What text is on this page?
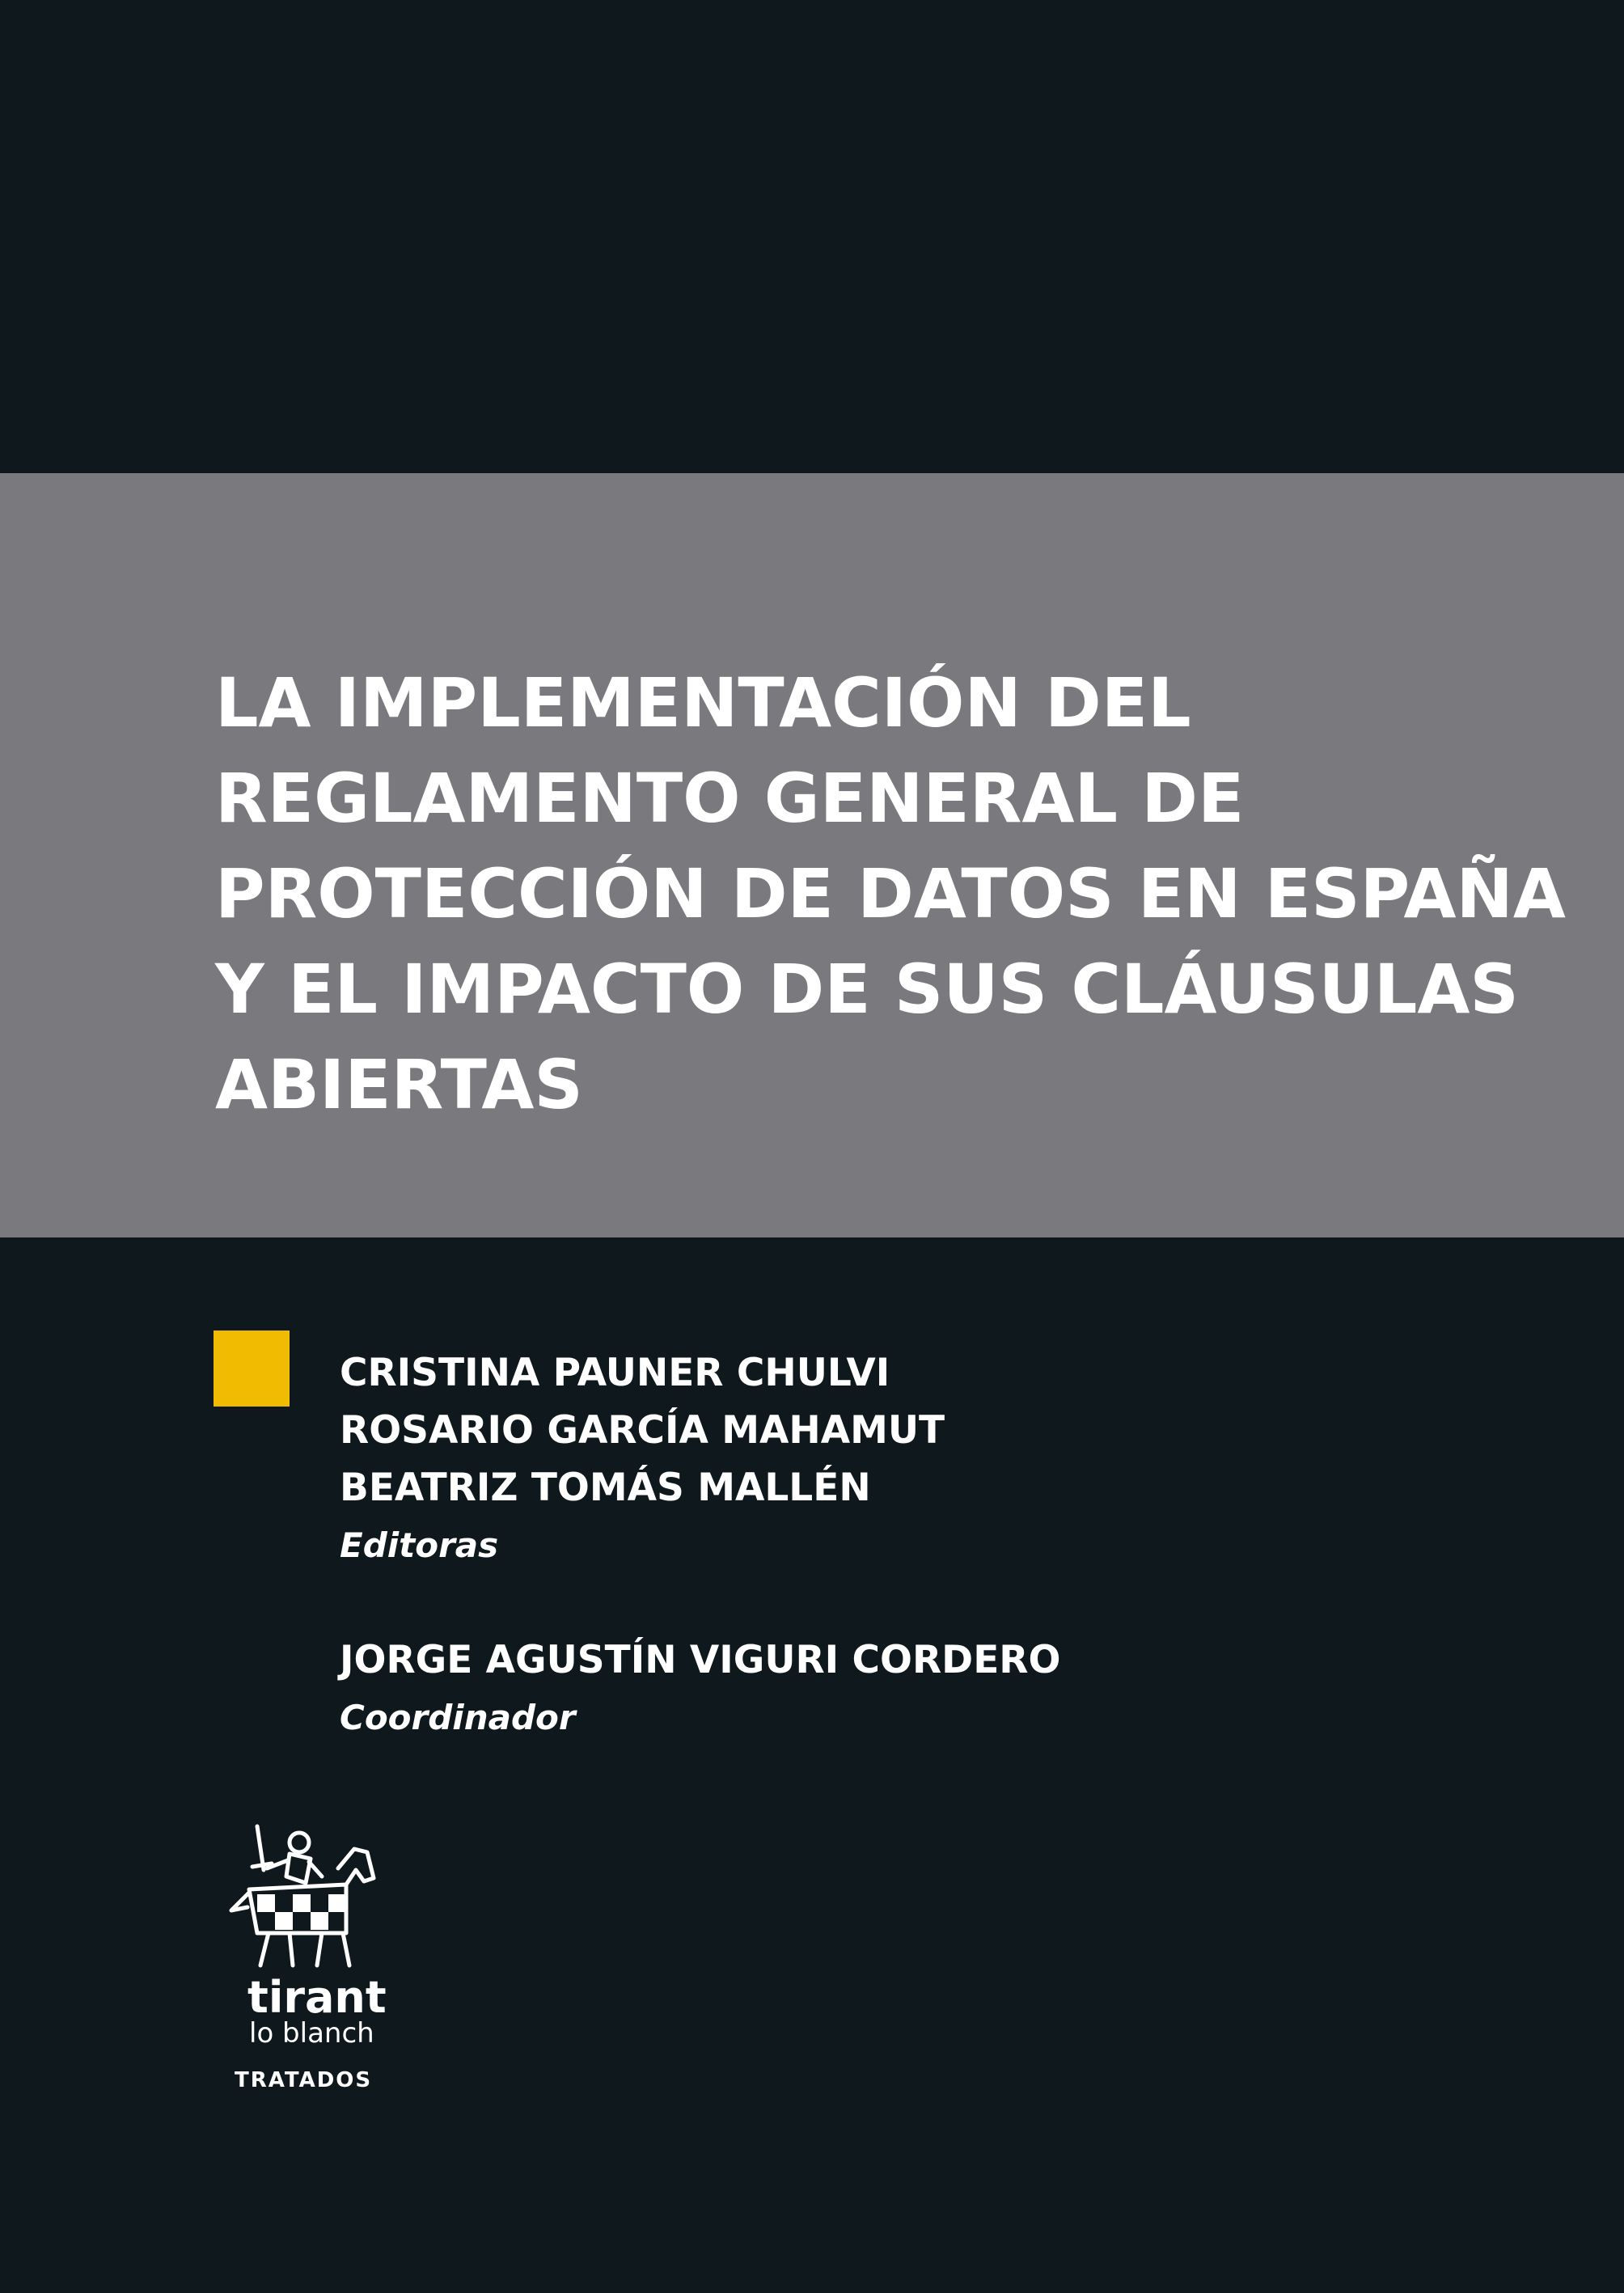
LA IMPLEMENTACIÓN DEL
REGLAMENTO GENERAL DE
PROTECCIÓN DE DATOS EN ESPAÑA
Y EL IMPACTO DE SUS CLÁUSULAS
ABIERTAS
CRISTINA PAUNER CHULVI
ROSARIO GARCÍA MAHAMUT
BEATRIZ TOMÁS MALLÉN
Editoras
JORGE AGUSTÍN VIGURI CORDERO
Coordinador
tirant
lo blanch
TRATADOS
